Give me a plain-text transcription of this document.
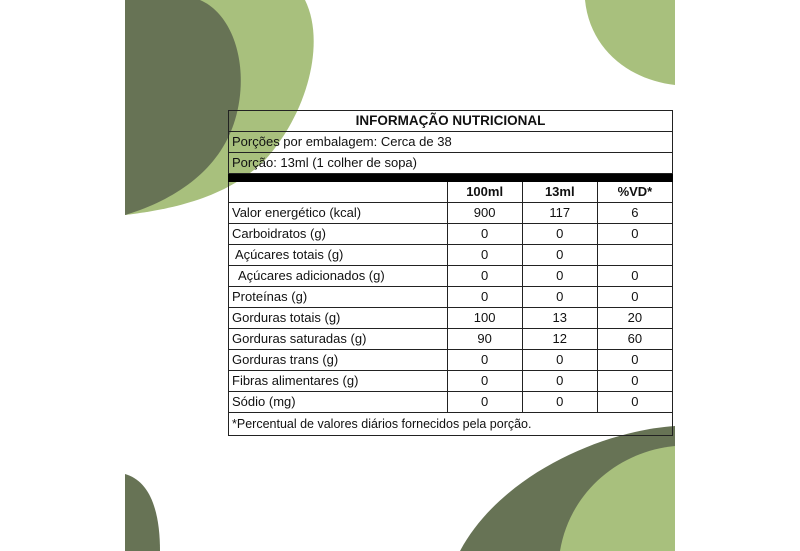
INFORMAÇÃO NUTRICIONAL			
Porções por embalagem: Cerca de 38			
Porção: 13ml (1 colher de sopa)			

	100ml	13ml	%VD*
Valor energético (kcal)	900	117	6
Carboidratos (g)	0	0	0
Açúcares totais (g)	0	0	
Açúcares adicionados (g)	0	0	0
Proteínas (g)	0	0	0
Gorduras totais (g)	100	13	20
Gorduras saturadas (g)	90	12	60
Gorduras trans (g)	0	0	0
Fibras alimentares (g)	0	0	0
Sódio (mg)	0	0	0
*Percentual de valores diários fornecidos pela porção.			
